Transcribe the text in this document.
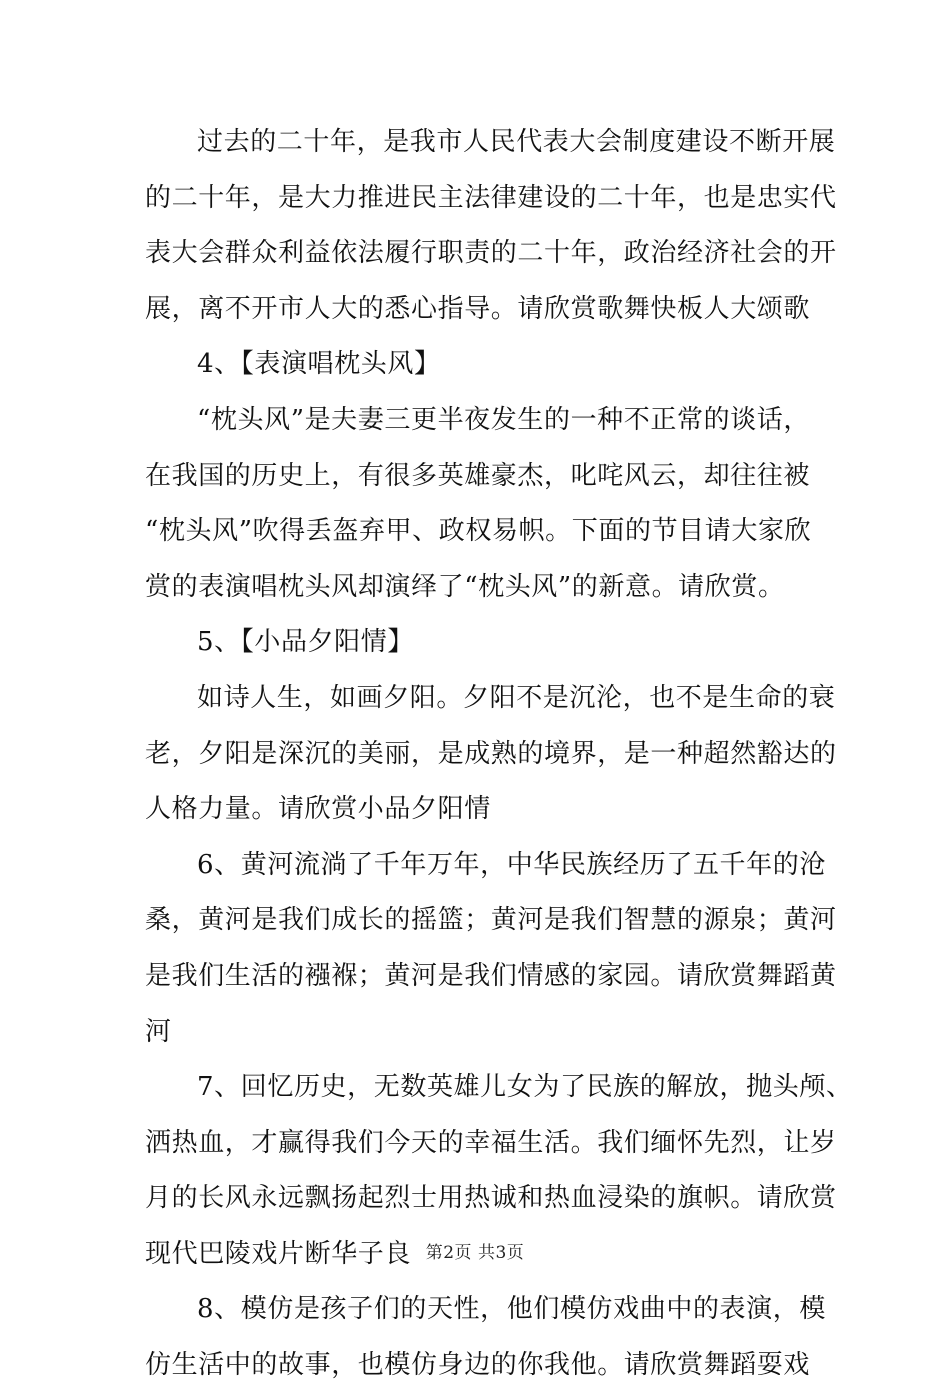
过去的二十年，是我市人民代表大会制度建设不断开展
的二十年，是大力推进民主法律建设的二十年，也是忠实代
表大会群众利益依法履行职责的二十年，政治经济社会的开
展，离不开市人大的悉心指导。请欣赏歌舞快板人大颂歌
4、【表演唱枕头风】
“枕头风”是夫妻三更半夜发生的一种不正常的谈话，
在我国的历史上，有很多英雄豪杰，叱咤风云，却往往被
“枕头风”吹得丢盔弃甲、政权易帜。下面的节目请大家欣
赏的表演唱枕头风却演绎了“枕头风”的新意。请欣赏。
5、【小品夕阳情】
如诗人生，如画夕阳。夕阳不是沉沦，也不是生命的衰
老，夕阳是深沉的美丽，是成熟的境界，是一种超然豁达的
人格力量。请欣赏小品夕阳情
6、黄河流淌了千年万年，中华民族经历了五千年的沧
桑，黄河是我们成长的摇篮；黄河是我们智慧的源泉；黄河
是我们生活的襁褓；黄河是我们情感的家园。请欣赏舞蹈黄
河
7、回忆历史，无数英雄儿女为了民族的解放，抛头颅、
洒热血，才赢得我们今天的幸福生活。我们缅怀先烈，让岁
月的长风永远飘扬起烈士用热诚和热血浸染的旗帜。请欣赏
现代巴陵戏片断华子良
8、模仿是孩子们的天性，他们模仿戏曲中的表演，模
仿生活中的故事，也模仿身边的你我他。请欣赏舞蹈耍戏
第2页 共3页
